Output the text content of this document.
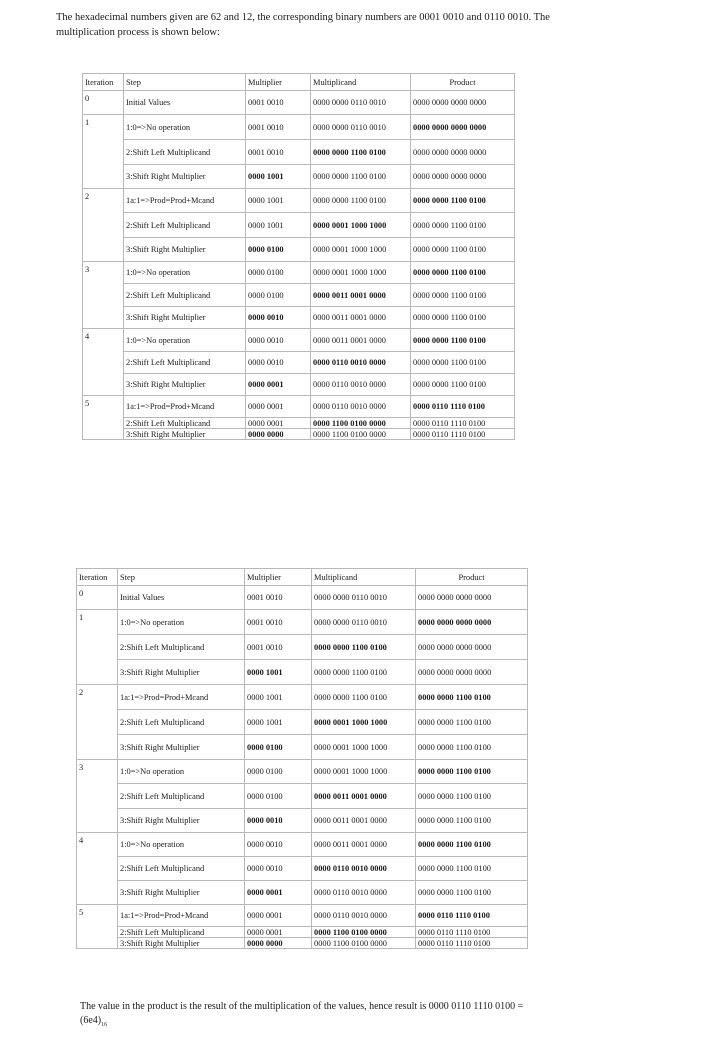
The hexadecimal numbers given are 62 and 12, the corresponding binary numbers are 0001 0010 and 0110 0010. The multiplication process is shown below:
Iteration	Step	Multiplier	Multiplicand	Product
0	Initial Values	0001 0010	0000 0000 0110 0010	0000 0000 0000 0000
1	1:0=>No operation	0001 0010	0000 0000 0110 0010	0000 0000 0000 0000
	2:Shift Left Multiplicand	0001 0010	0000 0000 1100 0100	0000 0000 0000 0000
	3:Shift Right Multiplier	0000 1001	0000 0000 1100 0100	0000 0000 0000 0000
2	1a:1=>Prod=Prod+Mcand	0000 1001	0000 0000 1100 0100	0000 0000 1100 0100
	2:Shift Left Multiplicand	0000 1001	0000 0001 1000 1000	0000 0000 1100 0100
	3:Shift Right Multiplier	0000 0100	0000 0001 1000 1000	0000 0000 1100 0100
3	1:0=>No operation	0000 0100	0000 0001 1000 1000	0000 0000 1100 0100
	2:Shift Left Multiplicand	0000 0100	0000 0011 0001 0000	0000 0000 1100 0100
	3:Shift Right Multiplier	0000 0010	0000 0011 0001 0000	0000 0000 1100 0100
4	1:0=>No operation	0000 0010	0000 0011 0001 0000	0000 0000 1100 0100
	2:Shift Left Multiplicand	0000 0010	0000 0110 0010 0000	0000 0000 1100 0100
	3:Shift Right Multiplier	0000 0001	0000 0110 0010 0000	0000 0000 1100 0100
5	1a:1=>Prod=Prod+Mcand	0000 0001	0000 0110 0010 0000	0000 0110 1110 0100
	2:Shift Left Multiplicand	0000 0001	0000 1100 0100 0000	0000 0110 1110 0100
	3:Shift Right Multiplier	0000 0000	0000 1100 0100 0000	0000 0110 1110 0100
Iteration	Step	Multiplier	Multiplicand	Product
0	Initial Values	0001 0010	0000 0000 0110 0010	0000 0000 0000 0000
1	1:0=>No operation	0001 0010	0000 0000 0110 0010	0000 0000 0000 0000
	2:Shift Left Multiplicand	0001 0010	0000 0000 1100 0100	0000 0000 0000 0000
	3:Shift Right Multiplier	0000 1001	0000 0000 1100 0100	0000 0000 0000 0000
2	1a:1=>Prod=Prod+Mcand	0000 1001	0000 0000 1100 0100	0000 0000 1100 0100
	2:Shift Left Multiplicand	0000 1001	0000 0001 1000 1000	0000 0000 1100 0100
	3:Shift Right Multiplier	0000 0100	0000 0001 1000 1000	0000 0000 1100 0100
3	1:0=>No operation	0000 0100	0000 0001 1000 1000	0000 0000 1100 0100
	2:Shift Left Multiplicand	0000 0100	0000 0011 0001 0000	0000 0000 1100 0100
	3:Shift Right Multiplier	0000 0010	0000 0011 0001 0000	0000 0000 1100 0100
4	1:0=>No operation	0000 0010	0000 0011 0001 0000	0000 0000 1100 0100
	2:Shift Left Multiplicand	0000 0010	0000 0110 0010 0000	0000 0000 1100 0100
	3:Shift Right Multiplier	0000 0001	0000 0110 0010 0000	0000 0000 1100 0100
5	1a:1=>Prod=Prod+Mcand	0000 0001	0000 0110 0010 0000	0000 0110 1110 0100
	2:Shift Left Multiplicand	0000 0001	0000 1100 0100 0000	0000 0110 1110 0100
	3:Shift Right Multiplier	0000 0000	0000 1100 0100 0000	0000 0110 1110 0100
The value in the product is the result of the multiplication of the values, hence result is 0000 0110 1110 $0100 = (6e4)_{16}$
